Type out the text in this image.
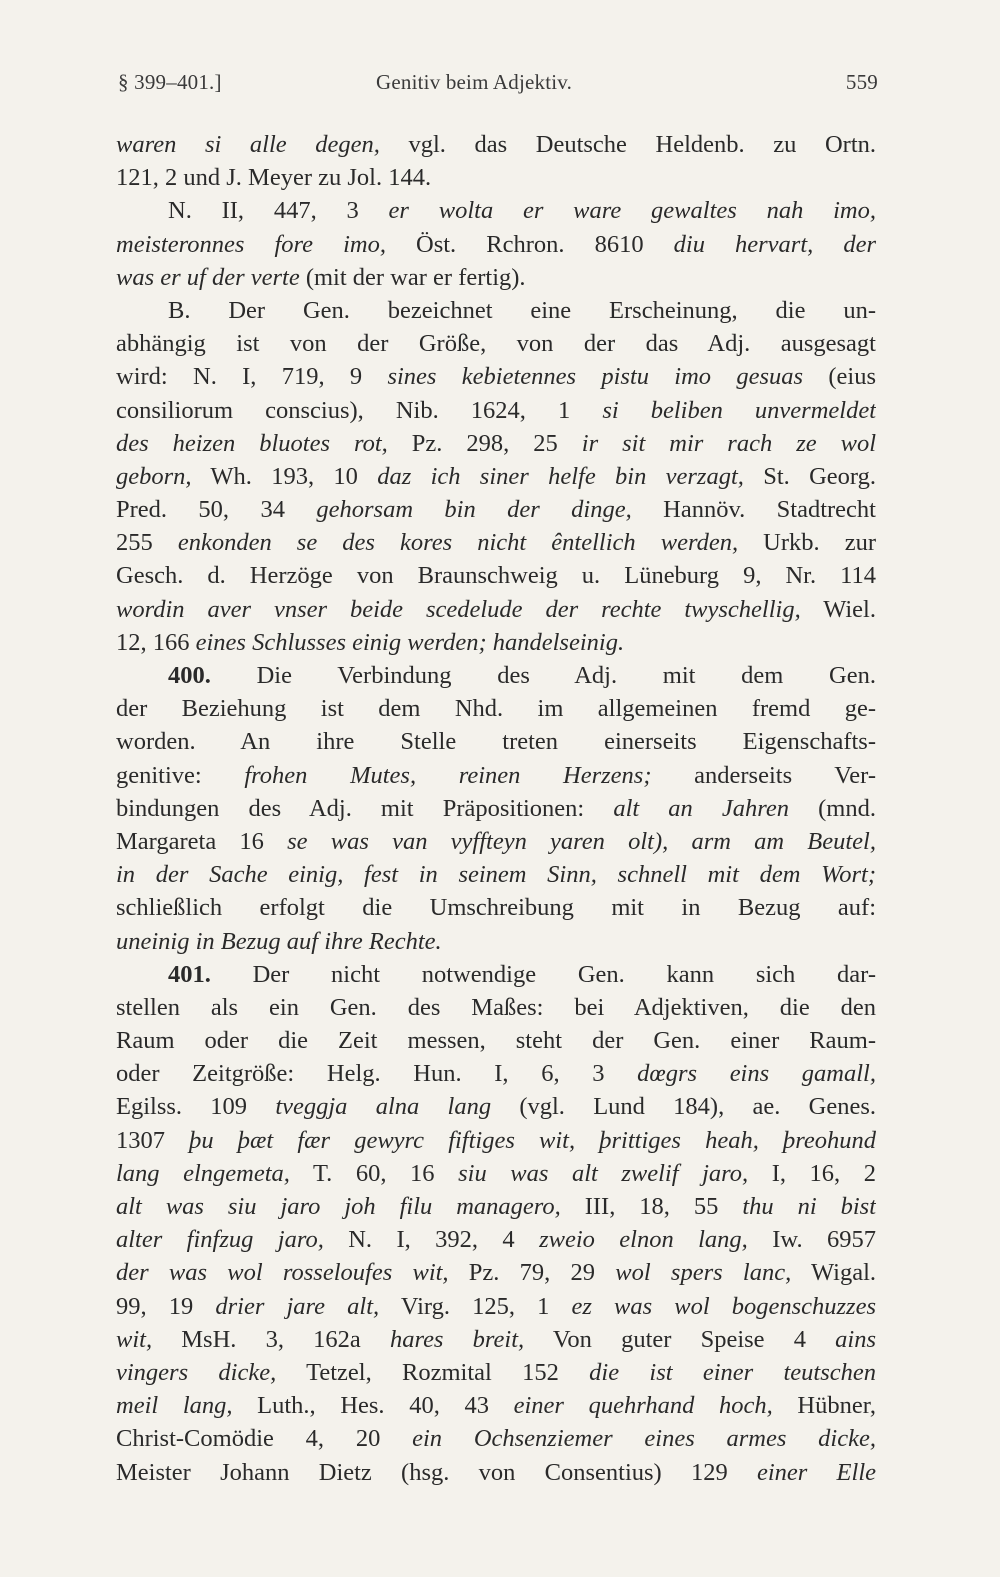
§ 399–401.]	Genitiv beim Adjektiv.	559
waren si alle degen, vgl. das Deutsche Heldenb. zu Ortn.
121, 2 und J. Meyer zu Jol. 144.
N. II, 447, 3 er wolta er ware gewaltes nah imo,
meisteronnes fore imo, Öst. Rchron. 8610 diu hervart, der
was er uf der verte (mit der war er fertig).
B. Der Gen. bezeichnet eine Erscheinung, die un-
abhängig ist von der Größe, von der das Adj. ausgesagt
wird: N. I, 719, 9 sines kebietennes pistu imo gesuas (eius
consiliorum conscius), Nib. 1624, 1 si beliben unvermeldet
des heizen bluotes rot, Pz. 298, 25 ir sit mir rach ze wol
geborn, Wh. 193, 10 daz ich siner helfe bin verzagt, St. Georg.
Pred. 50, 34 gehorsam bin der dinge, Hannöv. Stadtrecht
255 enkonden se des kores nicht êntellich werden, Urkb. zur
Gesch. d. Herzöge von Braunschweig u. Lüneburg 9, Nr. 114
wordin aver vnser beide scedelude der rechte twyschellig, Wiel.
12, 166 eines Schlusses einig werden; handelseinig.
400. Die Verbindung des Adj. mit dem Gen.
der Beziehung ist dem Nhd. im allgemeinen fremd ge-
worden. An ihre Stelle treten einerseits Eigenschafts-
genitive: frohen Mutes, reinen Herzens; anderseits Ver-
bindungen des Adj. mit Präpositionen: alt an Jahren (mnd.
Margareta 16 se was van vyffteyn yaren olt), arm am Beutel,
in der Sache einig, fest in seinem Sinn, schnell mit dem Wort;
schließlich erfolgt die Umschreibung mit in Bezug auf:
uneinig in Bezug auf ihre Rechte.
401. Der nicht notwendige Gen. kann sich dar-
stellen als ein Gen. des Maßes: bei Adjektiven, die den
Raum oder die Zeit messen, steht der Gen. einer Raum-
oder Zeitgröße: Helg. Hun. I, 6, 3 dœgrs eins gamall,
Egilss. 109 tveggja alna lang (vgl. Lund 184), ae. Genes.
1307 þu þæt fær gewyrc fiftiges wit, þrittiges heah, þreohund
lang elngemeta, T. 60, 16 siu was alt zwelif jaro, I, 16, 2
alt was siu jaro joh filu managero, III, 18, 55 thu ni bist
alter finfzug jaro, N. I, 392, 4 zweio elnon lang, Iw. 6957
der was wol rosseloufes wit, Pz. 79, 29 wol spers lanc, Wigal.
99, 19 drier jare alt, Virg. 125, 1 ez was wol bogenschuzzes
wit, MsH. 3, 162a hares breit, Von guter Speise 4 ains
vingers dicke, Tetzel, Rozmital 152 die ist einer teutschen
meil lang, Luth., Hes. 40, 43 einer quehrhand hoch, Hübner,
Christ-Comödie 4, 20 ein Ochsenziemer eines armes dicke,
Meister Johann Dietz (hsg. von Consentius) 129 einer Elle
